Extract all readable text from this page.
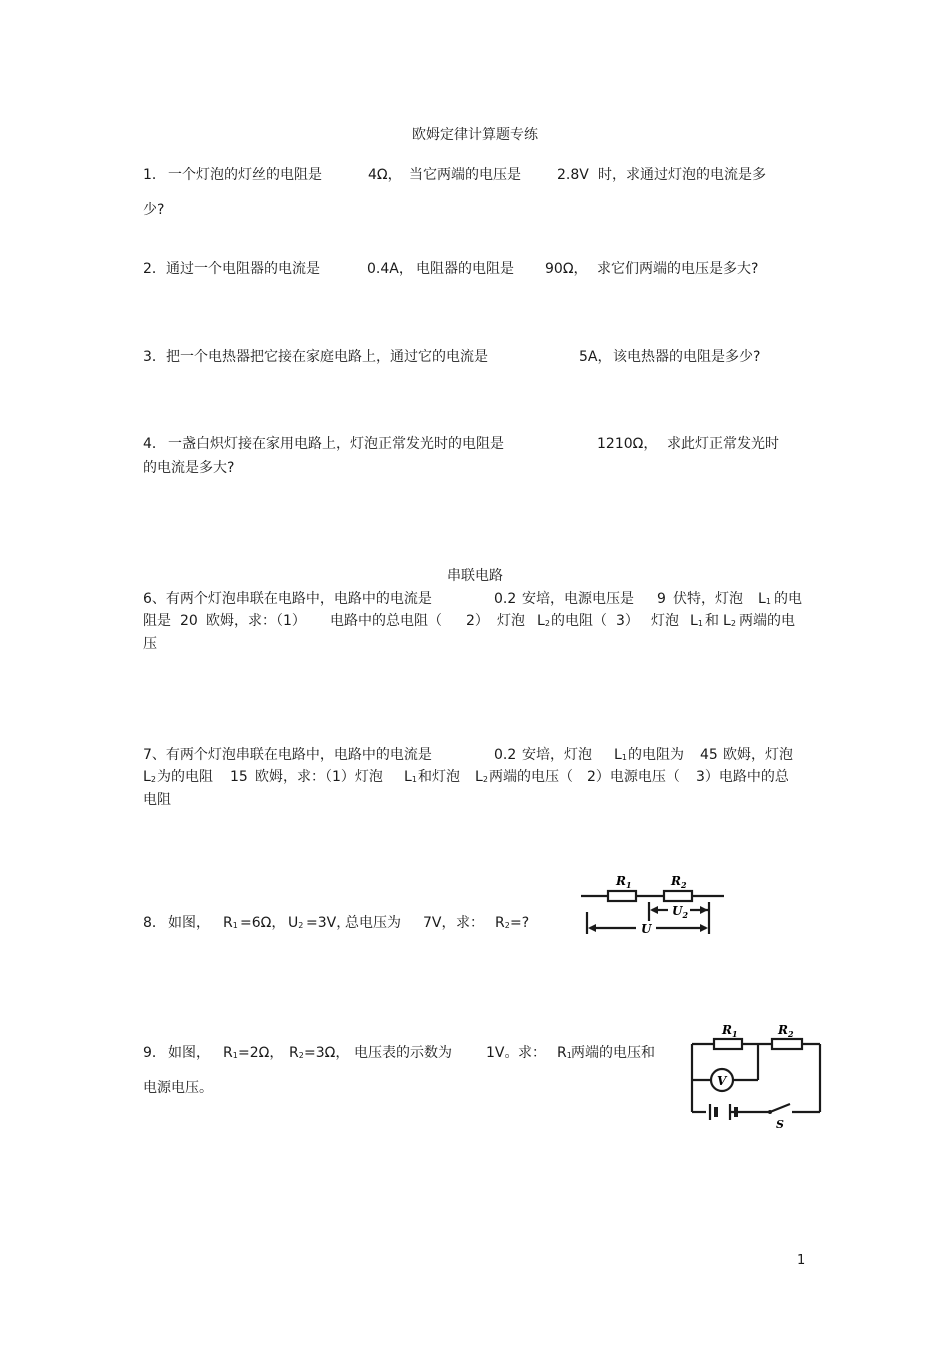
欧姆定律计算题专练
1． 一个灯泡的灯丝的电阻是	4Ω， 当它两端的电压是	2.8V 时，求通过灯泡的电流是多
少?
2． 通过一个电阻器的电流是	0.4A， 电阻器的电阻是 90Ω， 求它们两端的电压是多大?
3． 把一个电热器把它接在家庭电路上，通过它的电流是	5A， 该电热器的电阻是多少?
4． 一盏白炽灯接在家用电路上，灯泡正常发光时的电阻是	1210Ω， 求此灯正常发光时
的电流是多大?
串联电路
6、有两个灯泡串联在电路中，电路中的电流是	0.2 安培，电源电压是 9 伏特，灯泡 $L_1$ 的电
阻是 20 欧姆，求：（1） 电路中的总电阻（ 2） 灯泡 $L_2$ 的电阻（ 3） 灯泡 $L_1$ 和 $L_2$ 两端的电
压
7、有两个灯泡串联在电路中，电路中的电流是	0.2 安培，灯泡 $L_1$ 的电阻为 45 欧姆，灯泡
$L_2$ 为的电阻 15 欧姆，求：（1）灯泡 $L_1$ 和灯泡 $L_2$ 两端的电压（ 2）电源电压（ 3）电路中的总
电阻
8． 如图， $R_1 =6\Omega$， $U_2 =3V$，
总电压为 7V， 求： $R_2$ =?
$R_1$	$R_2$
$U_2$
U
9． 如图， $R_1 =2\Omega$， $R_2 =3\Omega$， 电压表的示数为 1V。 求： $R_1$ 两端的电压和
电源电压。
$R_1$	$R_2$
V
S
1
